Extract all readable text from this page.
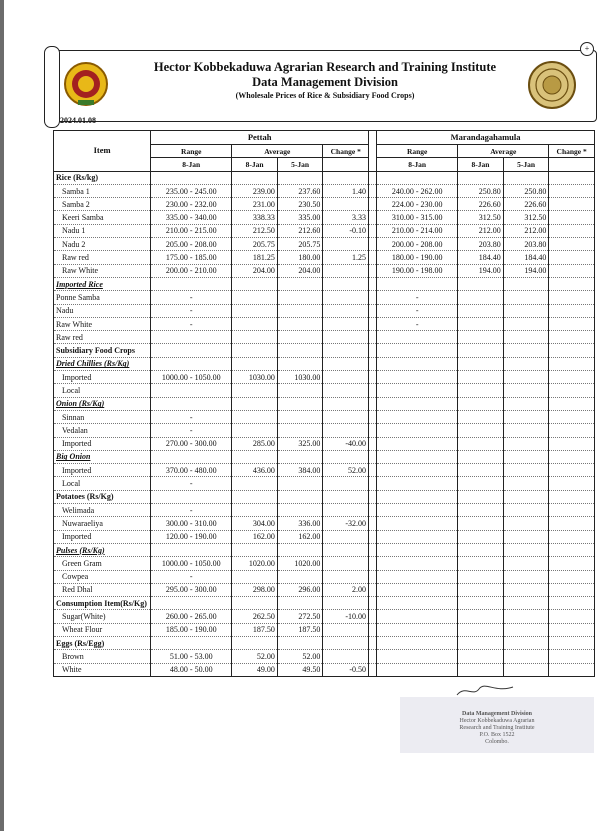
+
Hector Kobbekaduwa Agrarian Research and Training Institute
Data Management Division
(Wholesale Prices of Rice & Subsidiary Food Crops)
2024.01.08
Item	Pettah					Marandagahamula			
	Range	Average		Change *		Range	Average		Change *
	8-Jan	8-Jan	5-Jan			8-Jan	8-Jan	5-Jan	
Rice (Rs/kg)									
Samba 1	235.00 - 245.00	239.00	237.60	1.40		240.00 - 262.00	250.80	250.80	
Samba 2	230.00 - 232.00	231.00	230.50			224.00 - 230.00	226.60	226.60	
Keeri Samba	335.00 - 340.00	338.33	335.00	3.33		310.00 - 315.00	312.50	312.50	
Nadu 1	210.00 - 215.00	212.50	212.60	-0.10		210.00 - 214.00	212.00	212.00	
Nadu 2	205.00 - 208.00	205.75	205.75			200.00 - 208.00	203.80	203.80	
Raw red	175.00 - 185.00	181.25	180.00	1.25		180.00 - 190.00	184.40	184.40	
Raw White	200.00 - 210.00	204.00	204.00			190.00 - 198.00	194.00	194.00	
Imported Rice									
Ponne Samba	-					-			
Nadu	-					-			
Raw White	-					-			
Raw red									
Subsidiary Food Crops									
Dried Chillies (Rs/Kg)									
Imported	1000.00 - 1050.00	1030.00	1030.00						
Local									
Onion (Rs/Kg)									
Sinnan	-								
Vedalan	-								
Imported	270.00 - 300.00	285.00	325.00	-40.00					
Big Onion									
Imported	370.00 - 480.00	436.00	384.00	52.00					
Local	-								
Potatoes (Rs/Kg)									
Welimada	-								
Nuwaraeliya	300.00 - 310.00	304.00	336.00	-32.00					
Imported	120.00 - 190.00	162.00	162.00						
Pulses (Rs/Kg)									
Green Gram	1000.00 - 1050.00	1020.00	1020.00						
Cowpea	-								
Red Dhal	295.00 - 300.00	298.00	296.00	2.00					
Consumption Item(Rs/Kg)									
Sugar(White)	260.00 - 265.00	262.50	272.50	-10.00					
Wheat Flour	185.00 - 190.00	187.50	187.50						
Eggs (Rs/Egg)									
Brown	51.00 - 53.00	52.00	52.00						
White	48.00 - 50.00	49.00	49.50	-0.50					
Data Management Division
Hector Kobbekaduwa Agrarian
Research and Training Institute
P.O. Box 1522
Colombo.
